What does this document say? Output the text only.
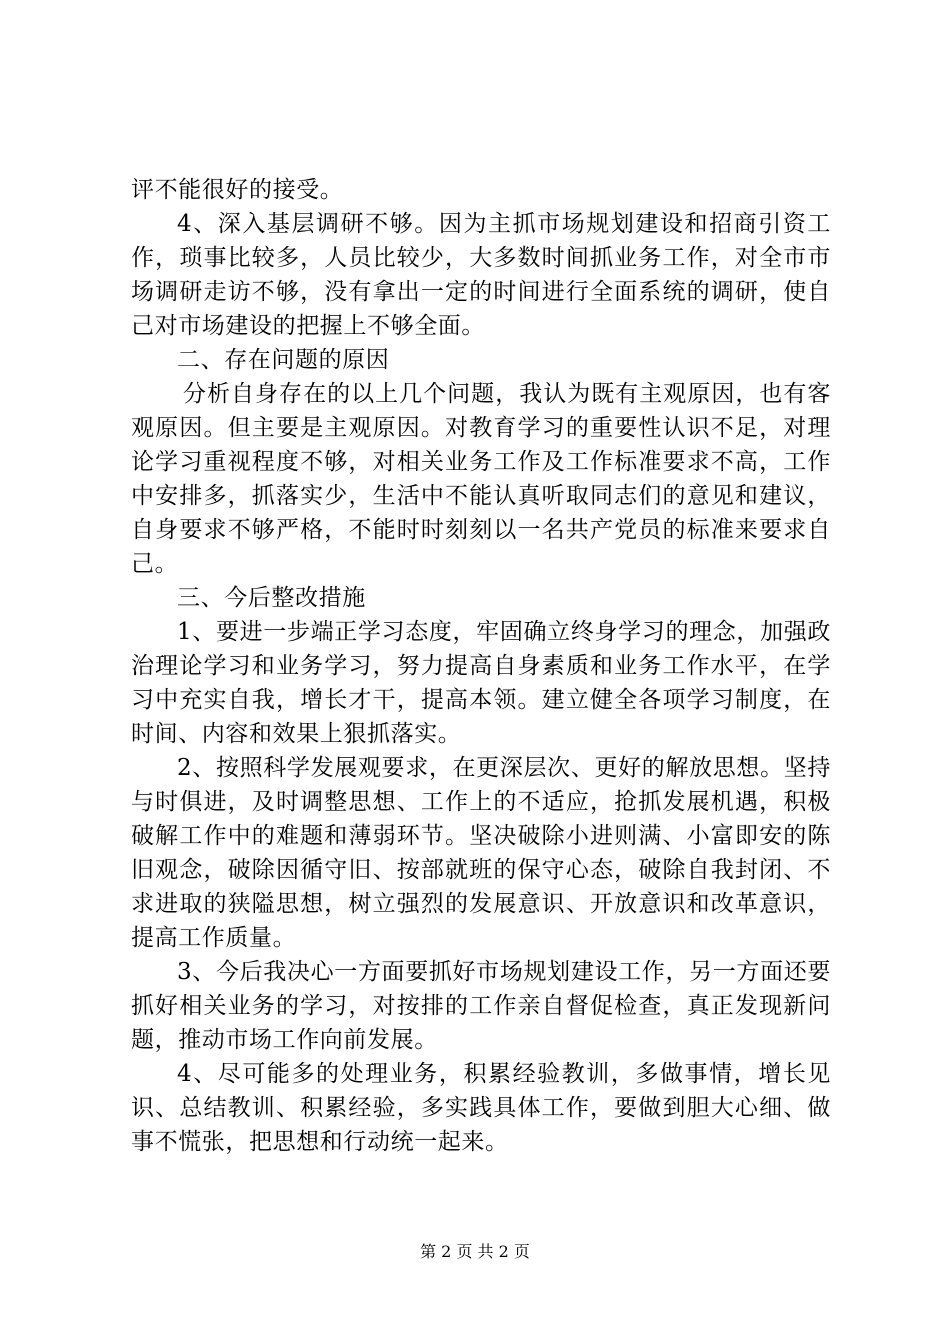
评不能很好的接受。

4、深入基层调研不够。因为主抓市场规划建设和招商引资工作，琐事比较多，人员比较少，大多数时间抓业务工作，对全市市场调研走访不够，没有拿出一定的时间进行全面系统的调研，使自己对市场建设的把握上不够全面。

二、存在问题的原因

分析自身存在的以上几个问题，我认为既有主观原因，也有客观原因。但主要是主观原因。对教育学习的重要性认识不足，对理论学习重视程度不够，对相关业务工作及工作标准要求不高，工作中安排多，抓落实少，生活中不能认真听取同志们的意见和建议，自身要求不够严格，不能时时刻刻以一名共产党员的标准来要求自己。

三、今后整改措施

1、要进一步端正学习态度，牢固确立终身学习的理念，加强政治理论学习和业务学习，努力提高自身素质和业务工作水平，在学习中充实自我，增长才干，提高本领。建立健全各项学习制度，在时间、内容和效果上狠抓落实。

2、按照科学发展观要求，在更深层次、更好的解放思想。坚持与时俱进，及时调整思想、工作上的不适应，抢抓发展机遇，积极破解工作中的难题和薄弱环节。坚决破除小进则满、小富即安的陈旧观念，破除因循守旧、按部就班的保守心态，破除自我封闭、不求进取的狭隘思想，树立强烈的发展意识、开放意识和改革意识，提高工作质量。

3、今后我决心一方面要抓好市场规划建设工作，另一方面还要抓好相关业务的学习，对按排的工作亲自督促检查，真正发现新问题，推动市场工作向前发展。

4、尽可能多的处理业务，积累经验教训，多做事情，增长见识、总结教训、积累经验，多实践具体工作，要做到胆大心细、做事不慌张，把思想和行动统一起来。

第 2 页 共 2 页
